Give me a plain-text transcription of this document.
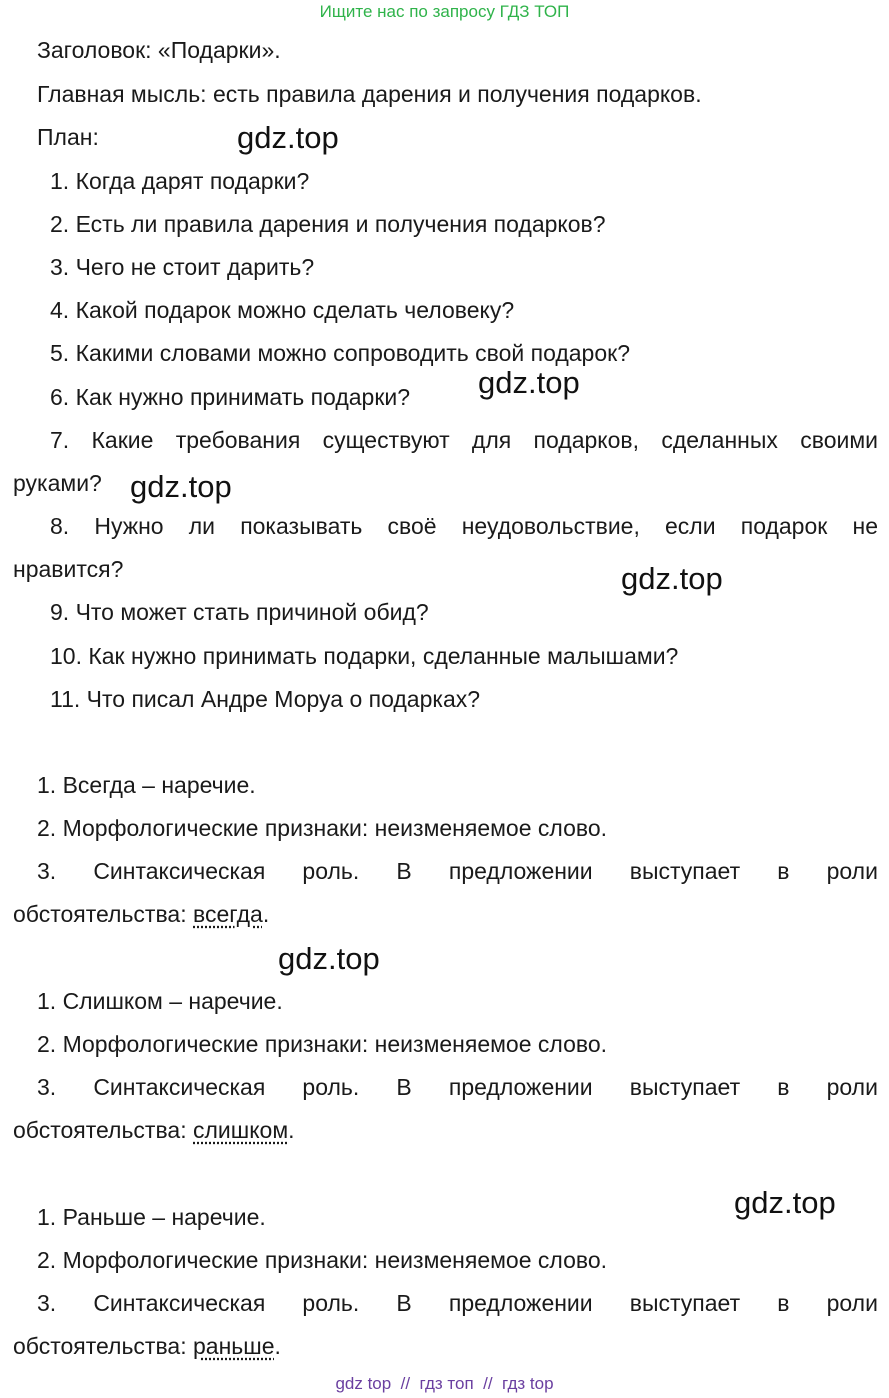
Ищите нас по запросу ГДЗ ТОП
Заголовок: «Подарки».
Главная мысль: есть правила дарения и получения подарков.
План:
1. Когда дарят подарки?
2. Есть ли правила дарения и получения подарков?
3. Чего не стоит дарить?
4. Какой подарок можно сделать человеку?
5. Какими словами можно сопроводить свой подарок?
6. Как нужно принимать подарки?
7. Какие требования существуют для подарков, сделанных своими
руками?
8. Нужно ли показывать своё неудовольствие, если подарок не
нравится?
9. Что может стать причиной обид?
10. Как нужно принимать подарки, сделанные малышами?
11. Что писал Андре Моруа о подарках?
1. Всегда – наречие.
2. Морфологические признаки: неизменяемое слово.
3. Синтаксическая роль. В предложении выступает в роли
обстоятельства: всегда.
1. Слишком – наречие.
2. Морфологические признаки: неизменяемое слово.
3. Синтаксическая роль. В предложении выступает в роли
обстоятельства: слишком.
1. Раньше – наречие.
2. Морфологические признаки: неизменяемое слово.
3. Синтаксическая роль. В предложении выступает в роли
обстоятельства: раньше.
gdz.top
gdz.top
gdz.top
gdz.top
gdz.top
gdz.top
gdz top  //  гдз топ  //  гдз top
